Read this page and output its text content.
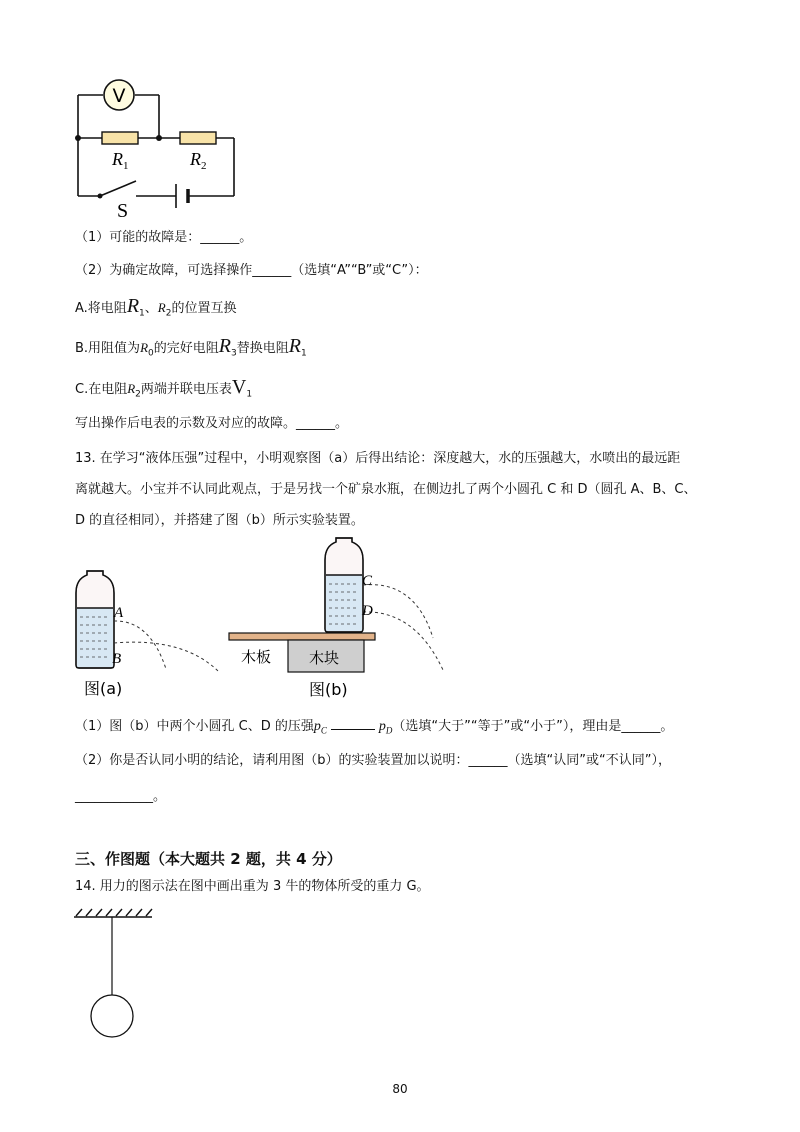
V
$R_1$	$R_2$
S
（1）可能的故障是：______。
（2）为确定故障，可选择操作______（选填“A”“B”或“C”）：
A.将电阻$R_1$、$R_2$的位置互换
B.用阻值为$R_0$的完好电阻$R_3$替换电阻$R_1$
C.在电阻$R_2$两端并联电压表$V_1$
写出操作后电表的示数及对应的故障。______。
13. 在学习“液体压强”过程中，小明观察图（a）后得出结论：深度越大，水的压强越大，水喷出的最远距
离就越大。小宝并不认同此观点，于是另找一个矿泉水瓶，在侧边扎了两个小圆孔 C 和 D（圆孔 A、B、C、
D 的直径相同），并搭建了图（b）所示实验装置。
A
B
图(a)
C
D
木板	木块
图(b)
（1）图（b）中两个小圆孔 C、D 的压强$p_C$	$p_D$（选填“大于”“等于”或“小于”），理由是______。
（2）你是否认同小明的结论，请利用图（b）的实验装置加以说明：______（选填“认同”或“不认同”），
____________。
三、作图题（本大题共 2 题，共 4 分）
14. 用力的图示法在图中画出重为 3 牛的物体所受的重力 G。
80
